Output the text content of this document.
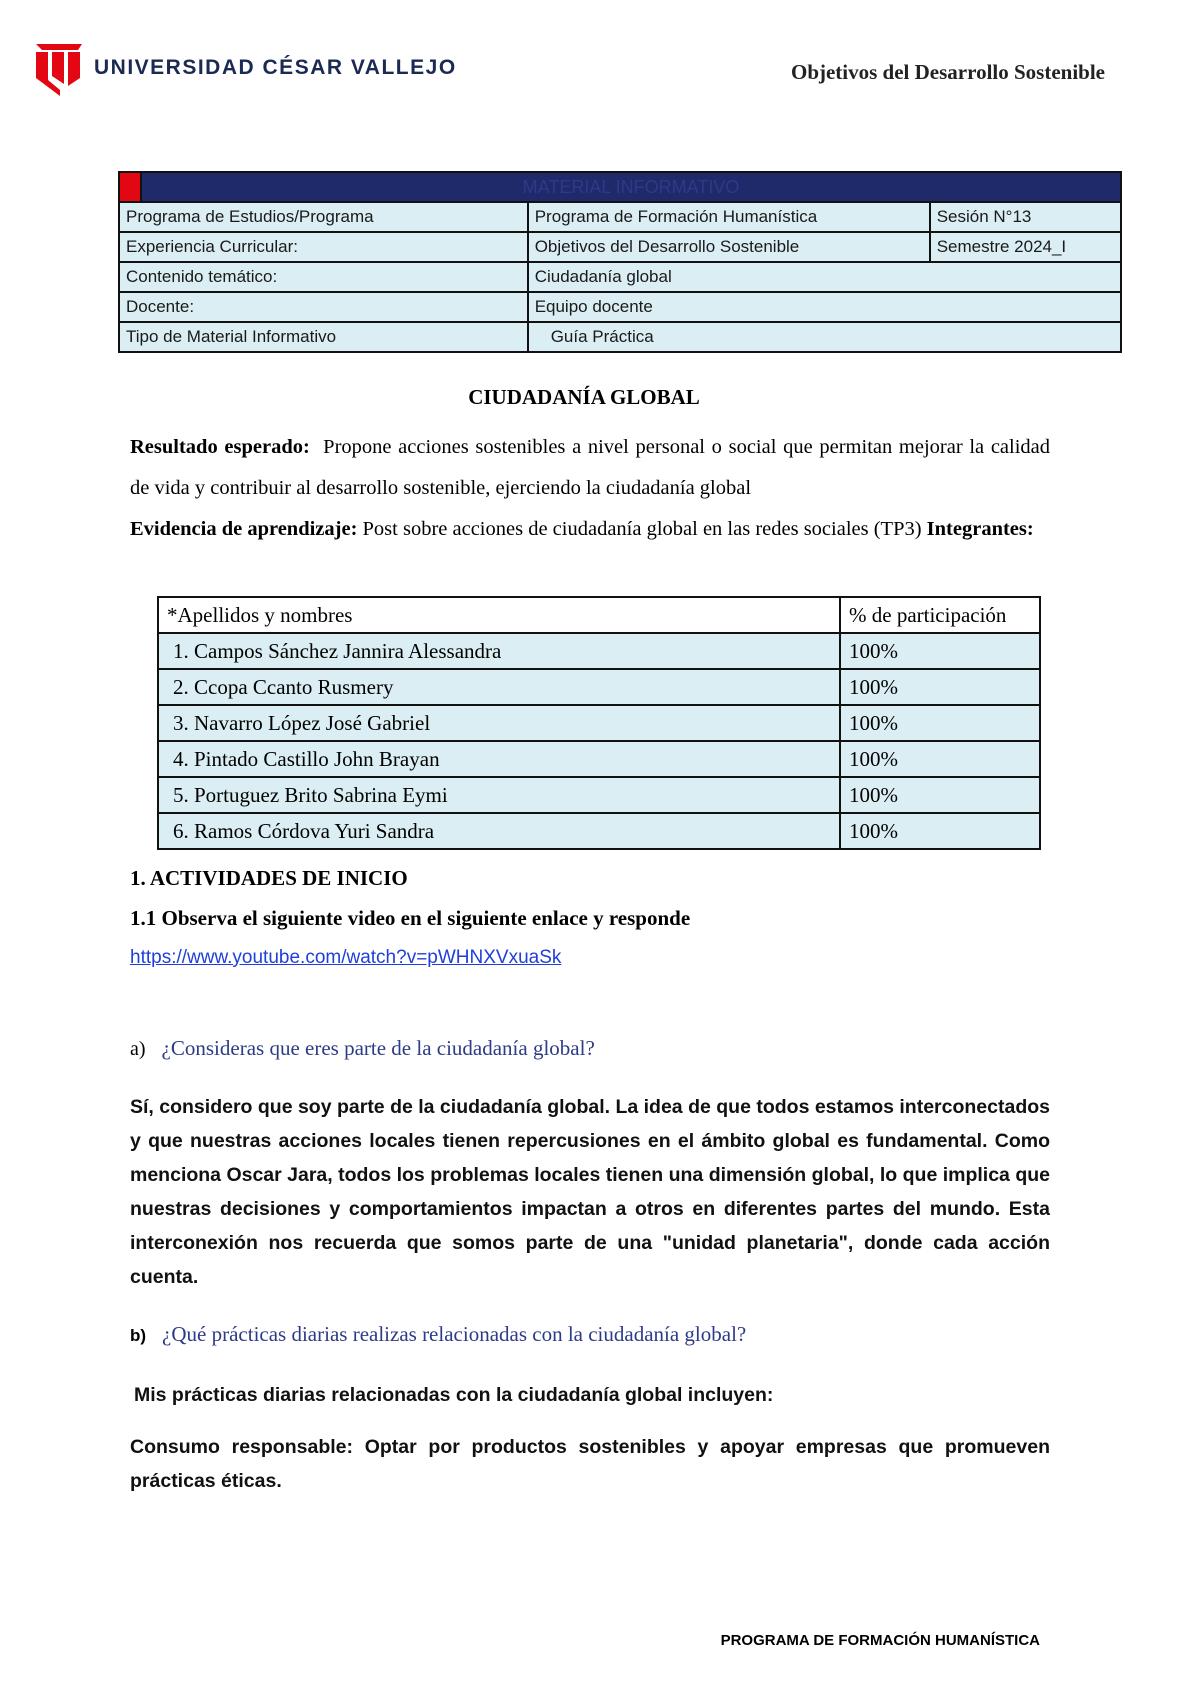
UNIVERSIDAD CÉSAR VALLEJO	Objetivos del Desarrollo Sostenible
	MATERIAL INFORMATIVO		
Programa de Estudios/Programa		Programa de Formación Humanística	Sesión N°13
Experiencia Curricular:		Objetivos del Desarrollo Sostenible	Semestre 2024_I
Contenido temático:		Ciudadanía global	
Docente:		Equipo docente	
Tipo de Material Informativo		Guía Práctica	
CIUDADANÍA GLOBAL
Resultado esperado: Propone acciones sostenibles a nivel personal o social que permitan mejorar la calidad de vida y contribuir al desarrollo sostenible, ejerciendo la ciudadanía global
Evidencia de aprendizaje: Post sobre acciones de ciudadanía global en las redes sociales (TP3) Integrantes:
*Apellidos y nombres	% de participación
1. Campos Sánchez Jannira Alessandra	100%
2. Ccopa Ccanto Rusmery	100%
3. Navarro López José Gabriel	100%
4. Pintado Castillo John Brayan	100%
5. Portuguez Brito Sabrina Eymi	100%
6. Ramos Córdova Yuri Sandra	100%
1. ACTIVIDADES DE INICIO
1.1 Observa el siguiente video en el siguiente enlace y responde
https://www.youtube.com/watch?v=pWHNXVxuaSk
a) ¿Consideras que eres parte de la ciudadanía global?
Sí, considero que soy parte de la ciudadanía global. La idea de que todos estamos interconectados y que nuestras acciones locales tienen repercusiones en el ámbito global es fundamental. Como menciona Oscar Jara, todos los problemas locales tienen una dimensión global, lo que implica que nuestras decisiones y comportamientos impactan a otros en diferentes partes del mundo. Esta interconexión nos recuerda que somos parte de una "unidad planetaria", donde cada acción cuenta.
b) ¿Qué prácticas diarias realizas relacionadas con la ciudadanía global?
Mis prácticas diarias relacionadas con la ciudadanía global incluyen:
Consumo responsable: Optar por productos sostenibles y apoyar empresas que promueven prácticas éticas.
PROGRAMA DE FORMACIÓN HUMANÍSTICA
